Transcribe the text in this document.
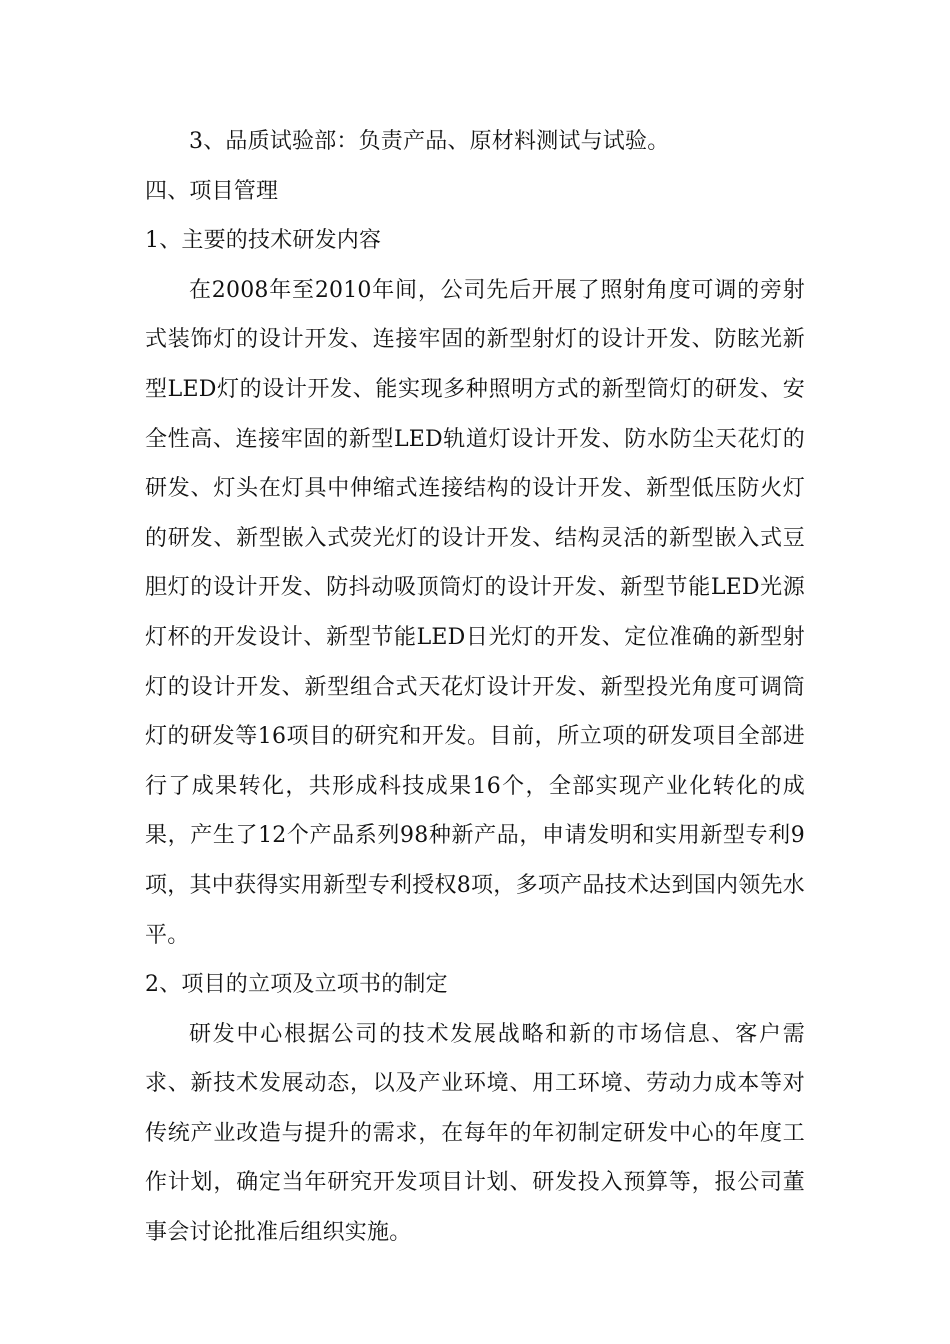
3、品质试验部：负责产品、原材料测试与试验。

四、项目管理

1、主要的技术研发内容

在2008年至2010年间，公司先后开展了照射角度可调的旁射式装饰灯的设计开发、连接牢固的新型射灯的设计开发、防眩光新型LED灯的设计开发、能实现多种照明方式的新型筒灯的研发、安全性高、连接牢固的新型LED轨道灯设计开发、防水防尘天花灯的研发、灯头在灯具中伸缩式连接结构的设计开发、新型低压防火灯的研发、新型嵌入式荧光灯的设计开发、结构灵活的新型嵌入式豆胆灯的设计开发、防抖动吸顶筒灯的设计开发、新型节能LED光源灯杯的开发设计、新型节能LED日光灯的开发、定位准确的新型射灯的设计开发、新型组合式天花灯设计开发、新型投光角度可调筒灯的研发等16项目的研究和开发。目前，所立项的研发项目全部进行了成果转化，共形成科技成果16个，全部实现产业化转化的成果，产生了12个产品系列98种新产品，申请发明和实用新型专利9项，其中获得实用新型专利授权8项，多项产品技术达到国内领先水平。

2、项目的立项及立项书的制定

研发中心根据公司的技术发展战略和新的市场信息、客户需求、新技术发展动态，以及产业环境、用工环境、劳动力成本等对传统产业改造与提升的需求，在每年的年初制定研发中心的年度工作计划，确定当年研究开发项目计划、研发投入预算等，报公司董事会讨论批准后组织实施。
